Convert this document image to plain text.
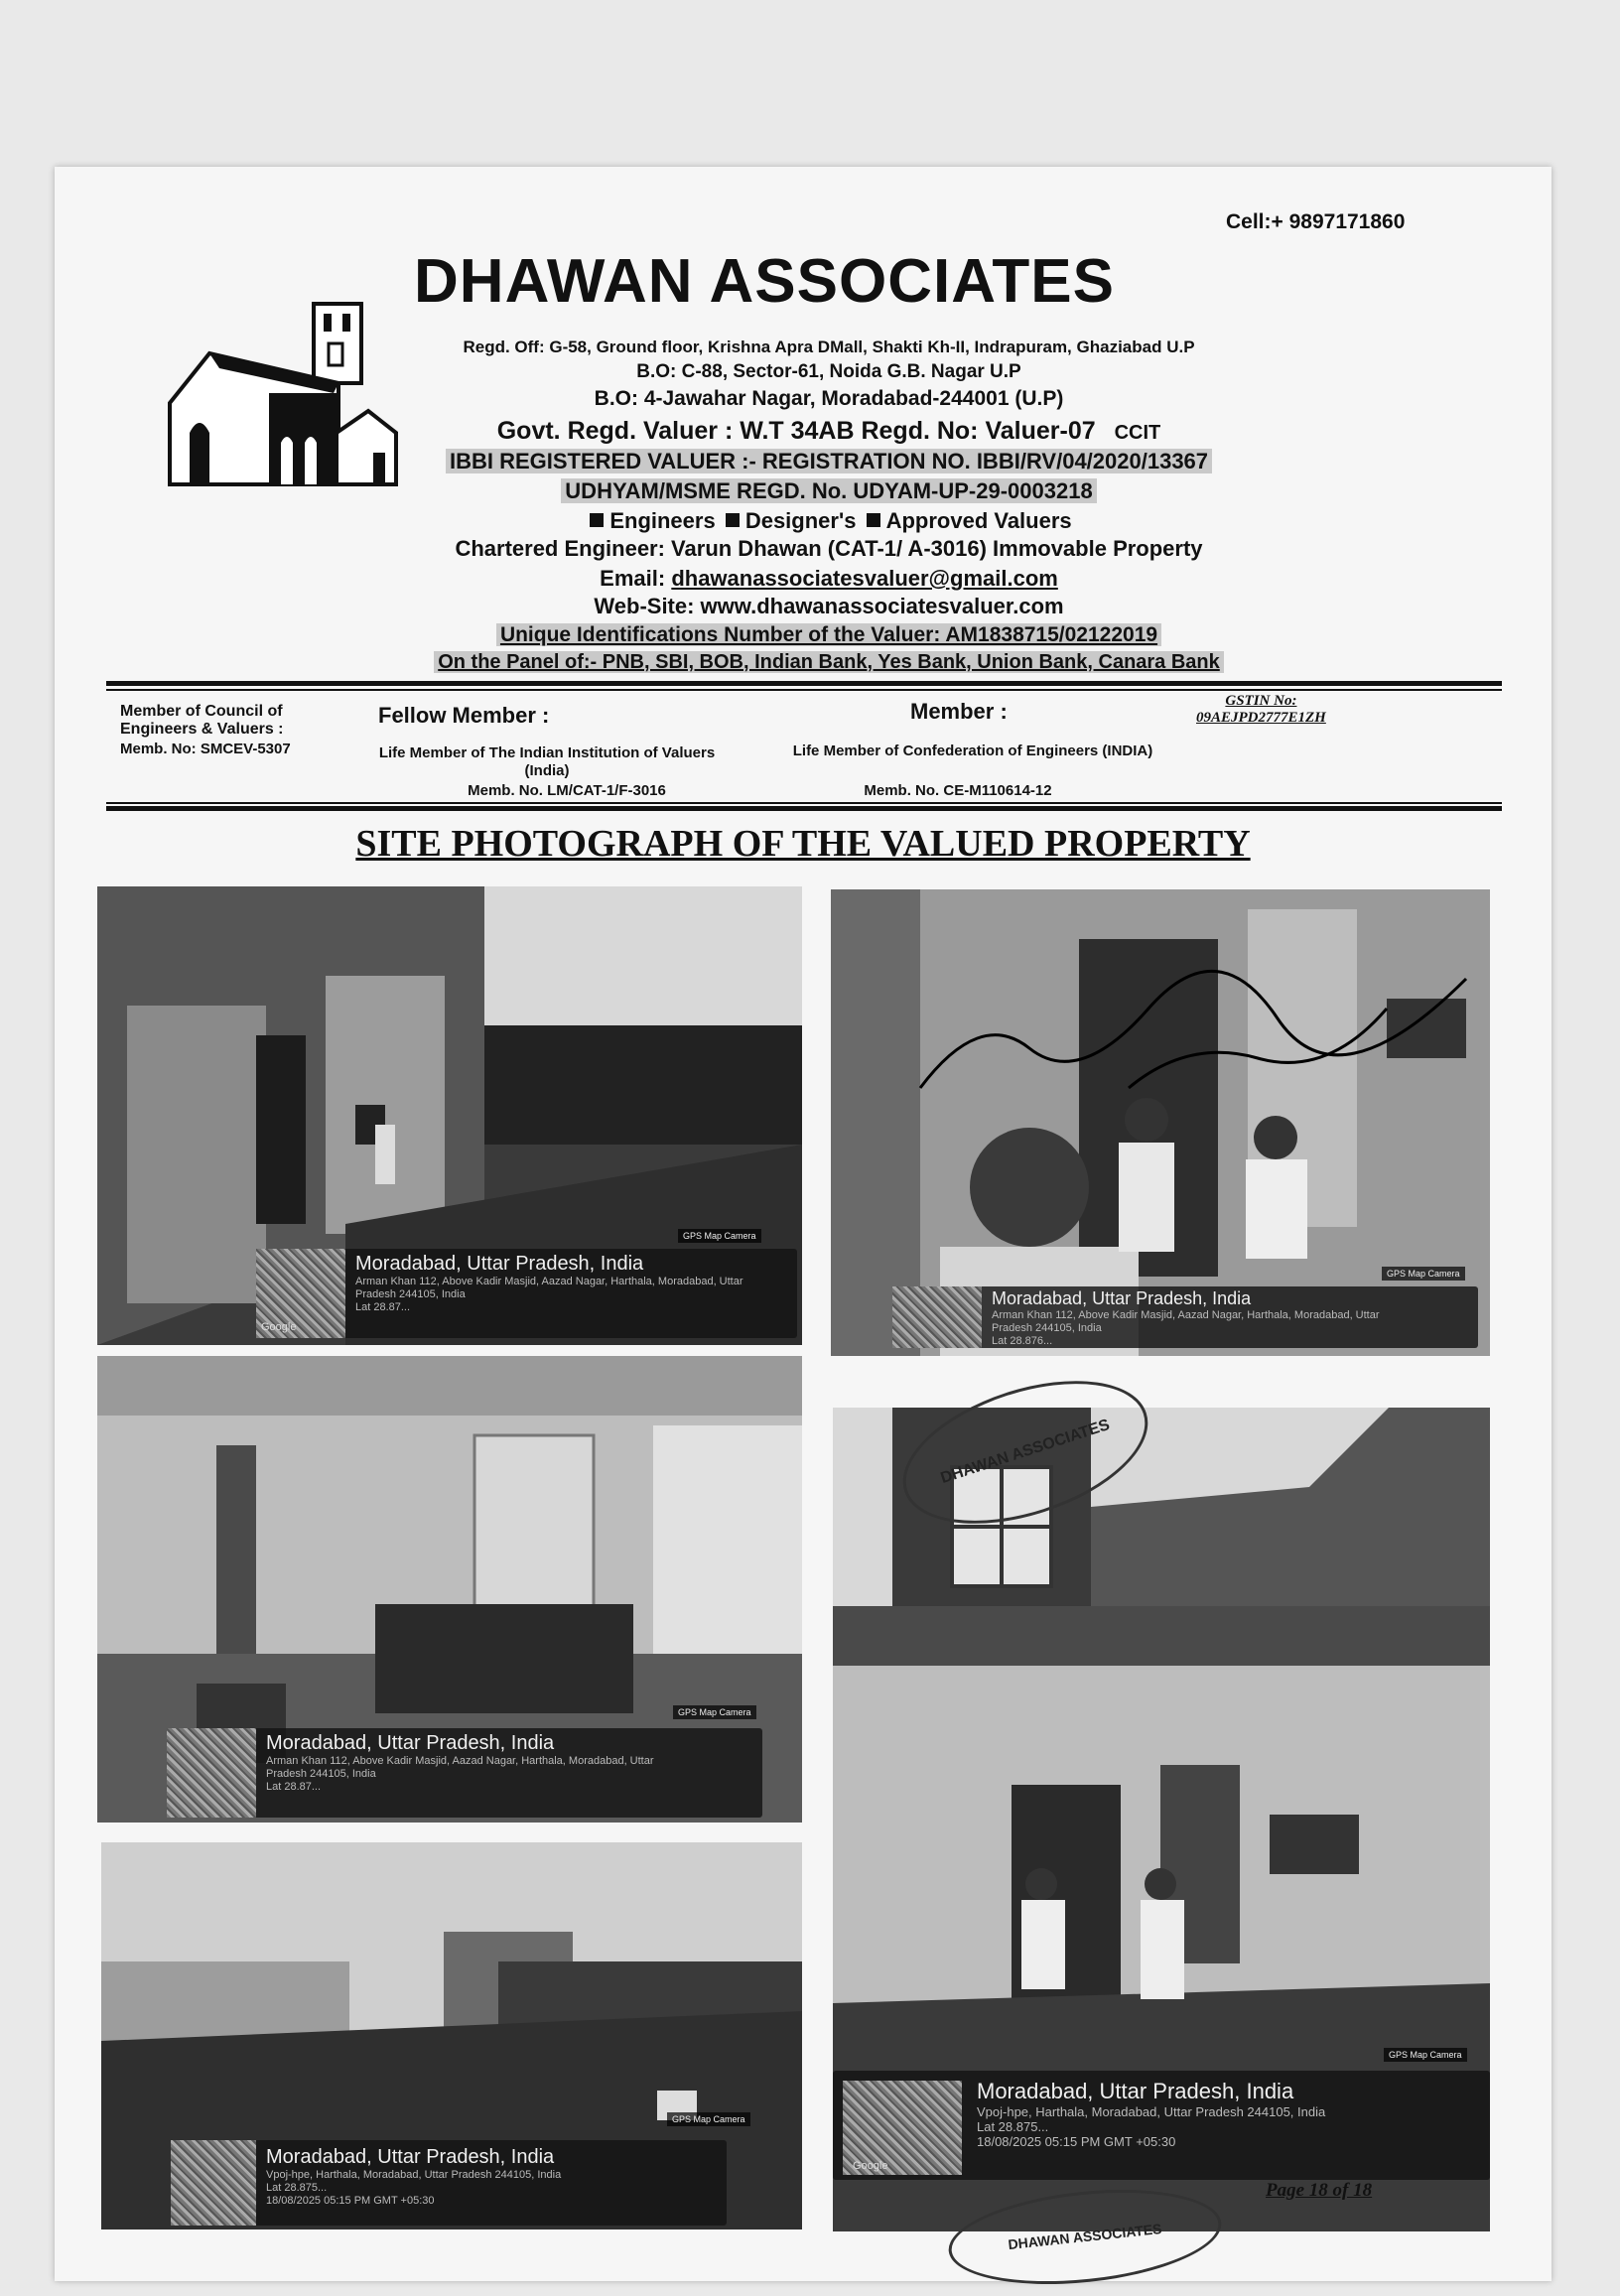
Cell:+ 9897171860
DHAWAN ASSOCIATES
Regd. Off: G-58, Ground floor, Krishna Apra DMall, Shakti Kh-II, Indrapuram, Ghaziabad U.P
B.O: C-88, Sector-61, Noida G.B. Nagar U.P
B.O: 4-Jawahar Nagar, Moradabad-244001 (U.P)
Govt. Regd. Valuer : W.T 34AB Regd. No: Valuer-07 CCIT
IBBI REGISTERED VALUER :- REGISTRATION NO. IBBI/RV/04/2020/13367
UDHYAM/MSME REGD. No. UDYAM-UP-29-0003218
Engineers Designer's Approved Valuers
Chartered Engineer: Varun Dhawan (CAT-1/ A-3016) Immovable Property
Email: dhawanassociatesvaluer@gmail.com
Web-Site: www.dhawanassociatesvaluer.com
Unique Identifications Number of the Valuer: AM1838715/02122019
On the Panel of:- PNB, SBI, BOB, Indian Bank, Yes Bank, Union Bank, Canara Bank
Member of Council of Engineers & Valuers :
Memb. No: SMCEV-5307
Fellow Member :
Life Member of The Indian Institution of Valuers (India)
Memb. No. LM/CAT-1/F-3016
Member :
Life Member of Confederation of Engineers (INDIA)
Memb. No. CE-M110614-12
GSTIN No:
09AEJPD2777E1ZH
SITE PHOTOGRAPH OF THE VALUED PROPERTY
Moradabad, Uttar Pradesh, India
Arman Khan 112, Above Kadir Masjid, Aazad Nagar, Harthala, Moradabad, Uttar
Pradesh 244105, India
Lat 28.87...
GPS Map Camera
Google
Moradabad, Uttar Pradesh, India
Arman Khan 112, Above Kadir Masjid, Aazad Nagar, Harthala, Moradabad, Uttar
Pradesh 244105, India
Lat 28.87...
GPS Map Camera
Moradabad, Uttar Pradesh, India
Vpoj-hpe, Harthala, Moradabad, Uttar Pradesh 244105, India
Lat 28.875...
18/08/2025 05:15 PM GMT +05:30
GPS Map Camera
Moradabad, Uttar Pradesh, India
Arman Khan 112, Above Kadir Masjid, Aazad Nagar, Harthala, Moradabad, Uttar
Pradesh 244105, India
Lat 28.876...
GPS Map Camera
Moradabad, Uttar Pradesh, India
Vpoj-hpe, Harthala, Moradabad, Uttar Pradesh 244105, India
Lat 28.875...
18/08/2025 05:15 PM GMT +05:30
Google
GPS Map Camera
DHAWAN ASSOCIATES
DHAWAN ASSOCIATES
Page 18 of 18
